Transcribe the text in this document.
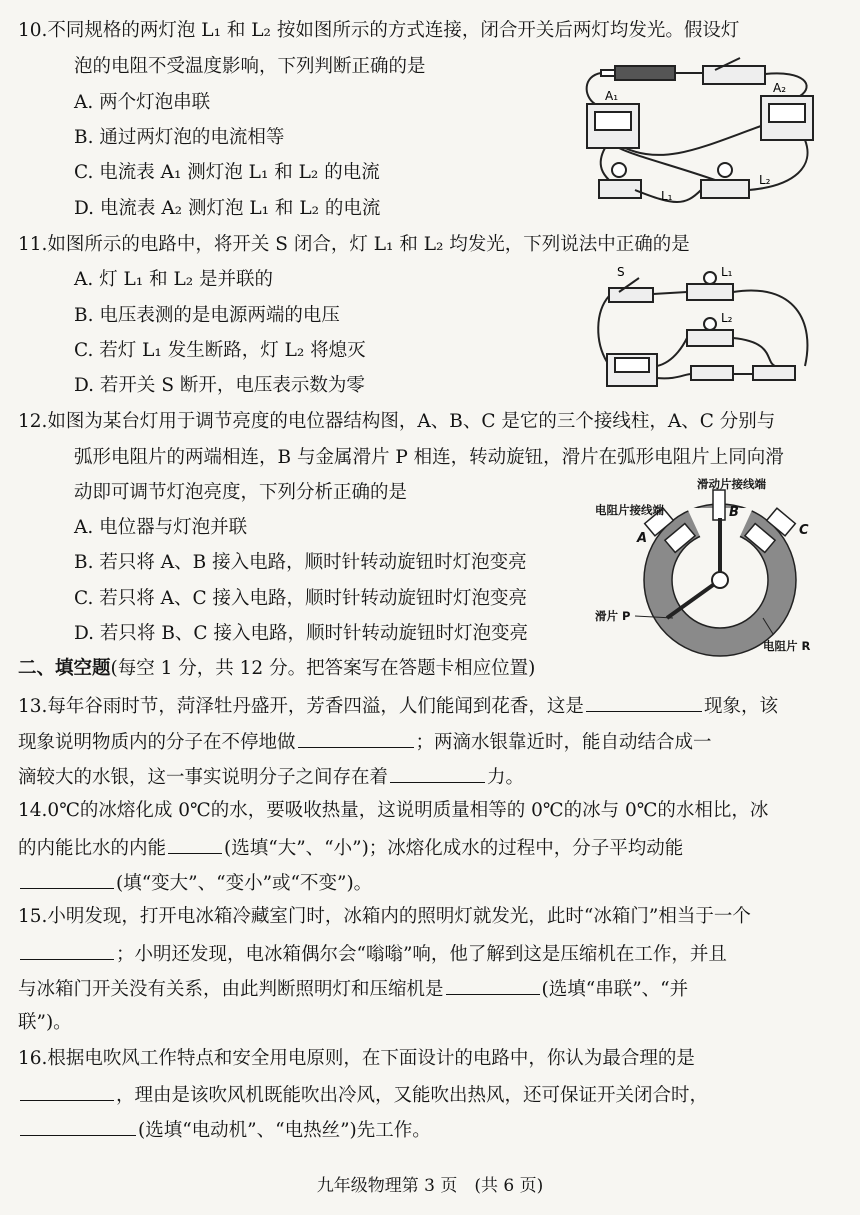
10.不同规格的两灯泡 L₁ 和 L₂ 按如图所示的方式连接，闭合开关后两灯均发光。假设灯
泡的电阻不受温度影响，下列判断正确的是
A. 两个灯泡串联
B. 通过两灯泡的电流相等
C. 电流表 A₁ 测灯泡 L₁ 和 L₂ 的电流
D. 电流表 A₂ 测灯泡 L₁ 和 L₂ 的电流
A₁
A₂
L₁
L₂
11.如图所示的电路中，将开关 S 闭合，灯 L₁ 和 L₂ 均发光，下列说法中正确的是
A. 灯 L₁ 和 L₂ 是并联的
B. 电压表测的是电源两端的电压
C. 若灯 L₁ 发生断路，灯 L₂ 将熄灭
D. 若开关 S 断开，电压表示数为零
S	L₁
L₂
12.如图为某台灯用于调节亮度的电位器结构图，A、B、C 是它的三个接线柱，A、C 分别与
弧形电阻片的两端相连，B 与金属滑片 P 相连，转动旋钮，滑片在弧形电阻片上同向滑
动即可调节灯泡亮度，下列分析正确的是
A. 电位器与灯泡并联
B. 若只将 A、B 接入电路，顺时针转动旋钮时灯泡变亮
C. 若只将 A、C 接入电路，顺时针转动旋钮时灯泡变亮
D. 若只将 B、C 接入电路，顺时针转动旋钮时灯泡变亮
滑动片接线端
电阻片接线端
A
B
C
滑片 P
电阻片 R
二、填空题(每空 1 分，共 12 分。把答案写在答题卡相应位置)
13.每年谷雨时节，菏泽牡丹盛开，芳香四溢，人们能闻到花香，这是	现象，该
现象说明物质内的分子在不停地做	；两滴水银靠近时，能自动结合成一
滴较大的水银，这一事实说明分子之间存在着	力。
14.0℃的冰熔化成 0℃的水，要吸收热量，这说明质量相等的 0℃的冰与 0℃的水相比，冰
的内能比水的内能	(选填“大”、“小”)；冰熔化成水的过程中，分子平均动能
(填“变大”、“变小”或“不变”)。
15.小明发现，打开电冰箱冷藏室门时，冰箱内的照明灯就发光，此时“冰箱门”相当于一个
；小明还发现，电冰箱偶尔会“嗡嗡”响，他了解到这是压缩机在工作，并且
与冰箱门开关没有关系，由此判断照明灯和压缩机是	(选填“串联”、“并
联”)。
16.根据电吹风工作特点和安全用电原则，在下面设计的电路中，你认为最合理的是
，理由是该吹风机既能吹出冷风，又能吹出热风，还可保证开关闭合时，
(选填“电动机”、“电热丝”)先工作。
九年级物理第 3 页　(共 6 页)
